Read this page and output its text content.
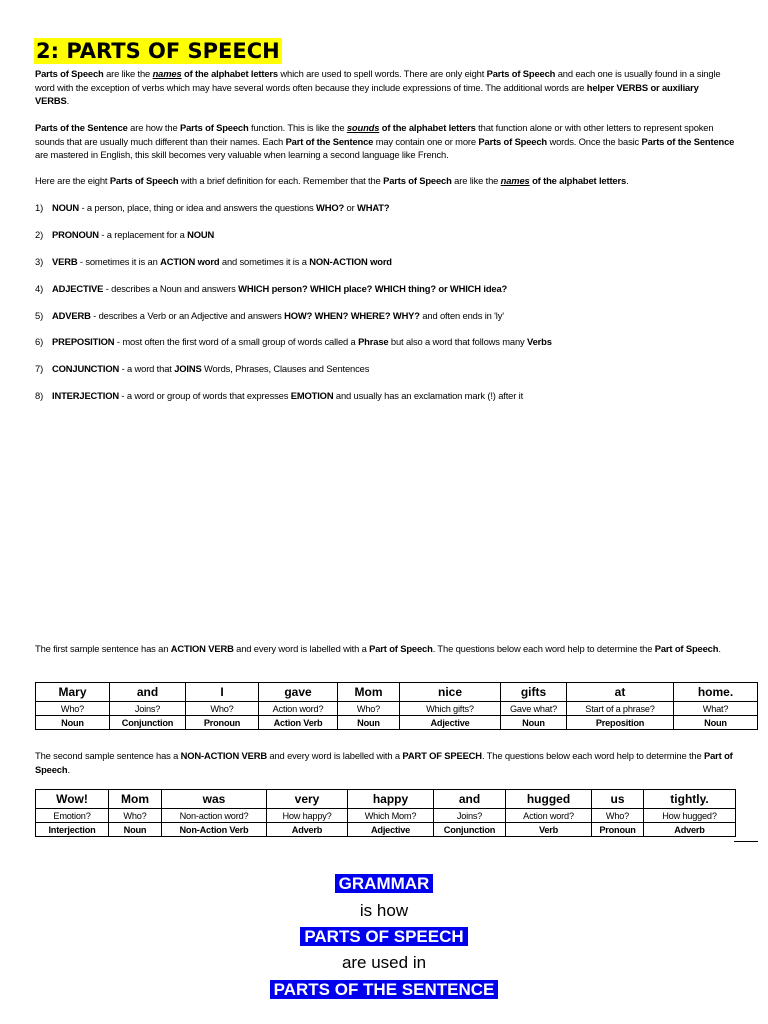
2: PARTS OF SPEECH
Parts of Speech are like the names of the alphabet letters which are used to spell words. There are only eight Parts of Speech and each one is usually found in a single word with the exception of verbs which may have several words often because they include expressions of time. The additional words are helper VERBS or auxiliary VERBS.
Parts of the Sentence are how the Parts of Speech function. This is like the sounds of the alphabet letters that function alone or with other letters to represent spoken sounds that are usually much different than their names. Each Part of the Sentence may contain one or more Parts of Speech words. Once the basic Parts of the Sentence are mastered in English, this skill becomes very valuable when learning a second language like French.
Here are the eight Parts of Speech with a brief definition for each. Remember that the Parts of Speech are like the names of the alphabet letters.
1) NOUN - a person, place, thing or idea and answers the questions WHO? or WHAT?
2) PRONOUN - a replacement for a NOUN
3) VERB - sometimes it is an ACTION word and sometimes it is a NON-ACTION word
4) ADJECTIVE - describes a Noun and answers WHICH person? WHICH place? WHICH thing? or WHICH idea?
5) ADVERB - describes a Verb or an Adjective and answers HOW? WHEN? WHERE? WHY? and often ends in 'ly'
6) PREPOSITION - most often the first word of a small group of words called a Phrase but also a word that follows many Verbs
7) CONJUNCTION - a word that JOINS Words, Phrases, Clauses and Sentences
8) INTERJECTION - a word or group of words that expresses EMOTION and usually has an exclamation mark (!) after it
The first sample sentence has an ACTION VERB and every word is labelled with a Part of Speech. The questions below each word help to determine the Part of Speech.
Mary	and	I	gave	Mom	nice	gifts	at	home.
Who?	Joins?	Who?	Action word?	Who?	Which gifts?	Gave what?	Start of a phrase?	What?
Noun	Conjunction	Pronoun	Action Verb	Noun	Adjective	Noun	Preposition	Noun
The second sample sentence has a NON-ACTION VERB and every word is labelled with a PART OF SPEECH. The questions below each word help to determine the Part of Speech.
Wow!	Mom	was	very	happy	and	hugged	us	tightly.
Emotion?	Who?	Non-action word?	How happy?	Which Mom?	Joins?	Action word?	Who?	How hugged?
Interjection	Noun	Non-Action Verb	Adverb	Adjective	Conjunction	Verb	Pronoun	Adverb
GRAMMAR
is how
PARTS OF SPEECH
are used in
PARTS OF THE SENTENCE
